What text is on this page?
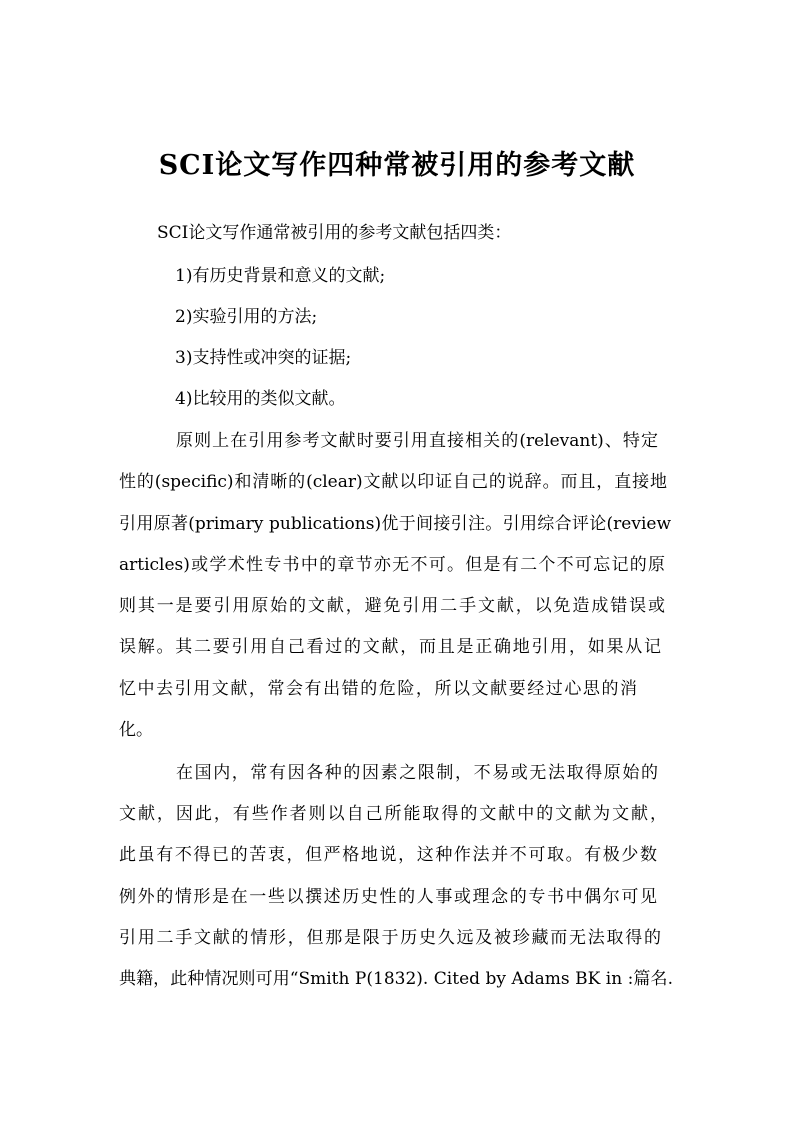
SCI论文写作四种常被引用的参考文献
SCI论文写作通常被引用的参考文献包括四类：
1)有历史背景和意义的文献;
2)实验引用的方法;
3)支持性或冲突的证据;
4)比较用的类似文献。
原则上在引用参考文献时要引用直接相关的(relevant)、特定
性的(specific)和清晰的(clear)文献以印证自己的说辞。而且，直接地
引用原著(primary publications)优于间接引注。引用综合评论(review
articles)或学术性专书中的章节亦无不可。但是有二个不可忘记的原
则其一是要引用原始的文献，避免引用二手文献，以免造成错误或
误解。其二要引用自己看过的文献，而且是正确地引用，如果从记
忆中去引用文献，常会有出错的危险，所以文献要经过心思的消
化。
在国内，常有因各种的因素之限制，不易或无法取得原始的
文献，因此，有些作者则以自己所能取得的文献中的文献为文献，
此虽有不得已的苦衷，但严格地说，这种作法并不可取。有极少数
例外的情形是在一些以撰述历史性的人事或理念的专书中偶尔可见
引用二手文献的情形，但那是限于历史久远及被珍藏而无法取得的
典籍，此种情况则可用“Smith P(1832). Cited by Adams BK in :篇名.
